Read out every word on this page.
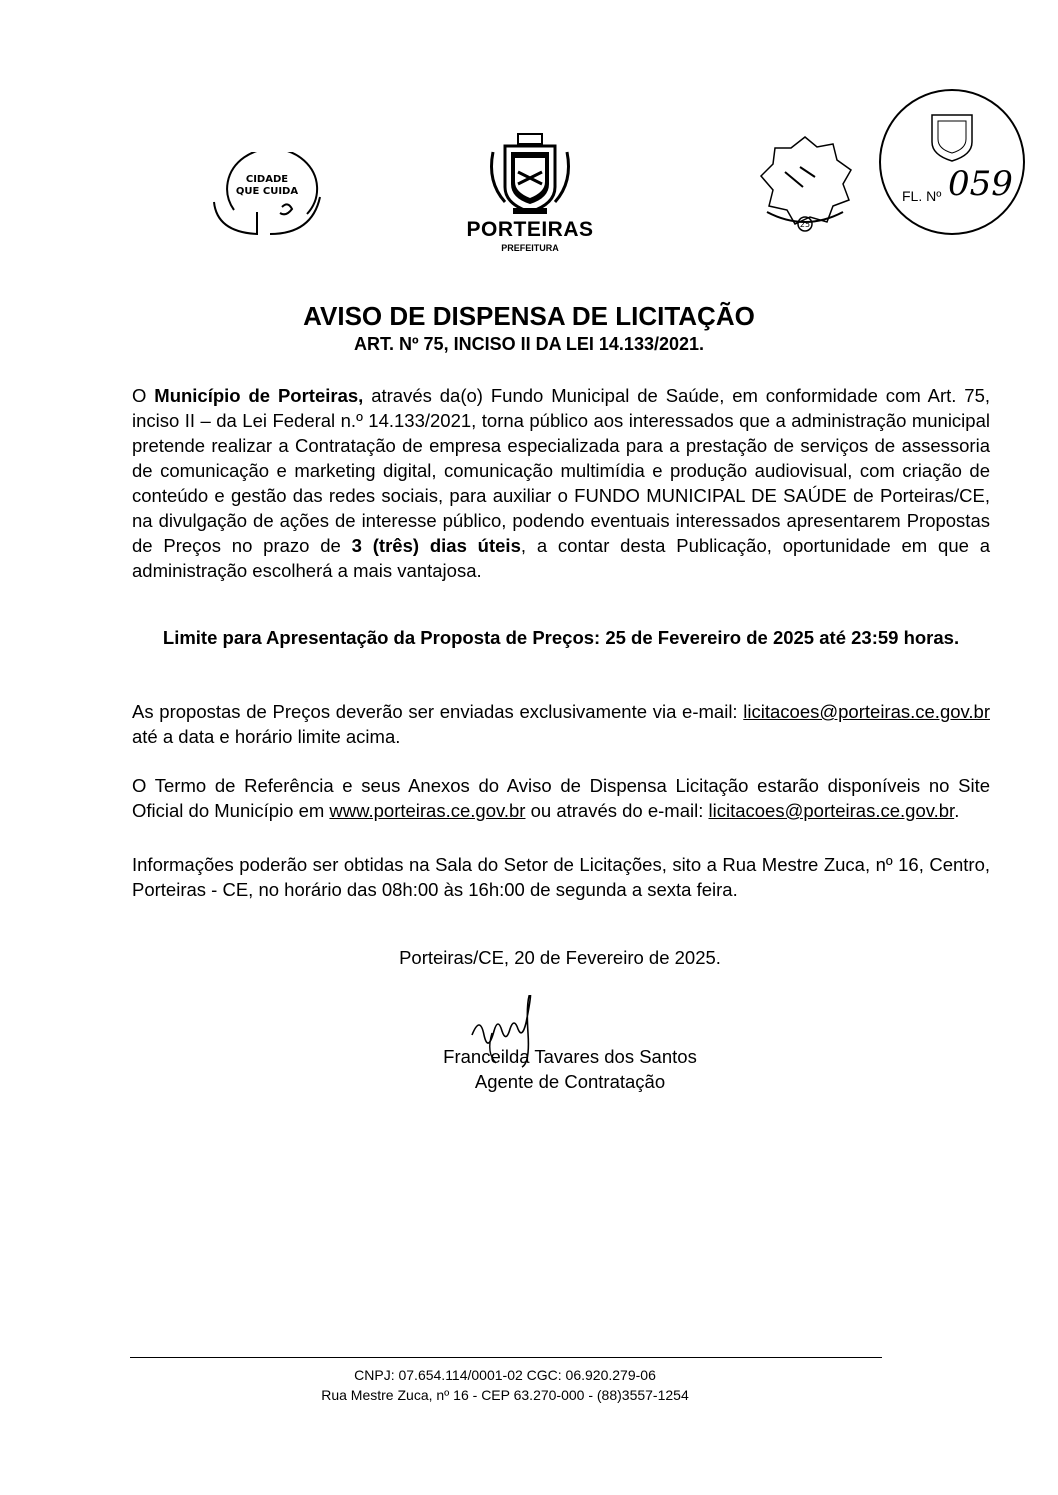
CIDADE
QUE CUIDA
PORTEIRAS
PREFEITURA
25
FL. Nº 059
AVISO DE DISPENSA DE LICITAÇÃO
ART. Nº 75, INCISO II DA LEI 14.133/2021.
O Município de Porteiras, através da(o) Fundo Municipal de Saúde, em conformidade com Art. 75, inciso II – da Lei Federal n.º 14.133/2021, torna público aos interessados que a administração municipal pretende realizar a Contratação de empresa especializada para a prestação de serviços de assessoria de comunicação e marketing digital, comunicação multimídia e produção audiovisual, com criação de conteúdo e gestão das redes sociais, para auxiliar o FUNDO MUNICIPAL DE SAÚDE de Porteiras/CE, na divulgação de ações de interesse público, podendo eventuais interessados apresentarem Propostas de Preços no prazo de 3 (três) dias úteis, a contar desta Publicação, oportunidade em que a administração escolherá a mais vantajosa.
Limite para Apresentação da Proposta de Preços: 25 de Fevereiro de 2025 até 23:59 horas.
As propostas de Preços deverão ser enviadas exclusivamente via e-mail: licitacoes@porteiras.ce.gov.br até a data e horário limite acima.
O Termo de Referência e seus Anexos do Aviso de Dispensa Licitação estarão disponíveis no Site Oficial do Município em www.porteiras.ce.gov.br ou através do e-mail: licitacoes@porteiras.ce.gov.br.
Informações poderão ser obtidas na Sala do Setor de Licitações, sito a Rua Mestre Zuca, nº 16, Centro, Porteiras - CE, no horário das 08h:00 às 16h:00 de segunda a sexta feira.
Porteiras/CE, 20 de Fevereiro de 2025.
Franceilda Tavares dos Santos
Agente de Contratação
CNPJ: 07.654.114/0001-02 CGC: 06.920.279-06
Rua Mestre Zuca, nº 16 - CEP 63.270-000 - (88)3557-1254
